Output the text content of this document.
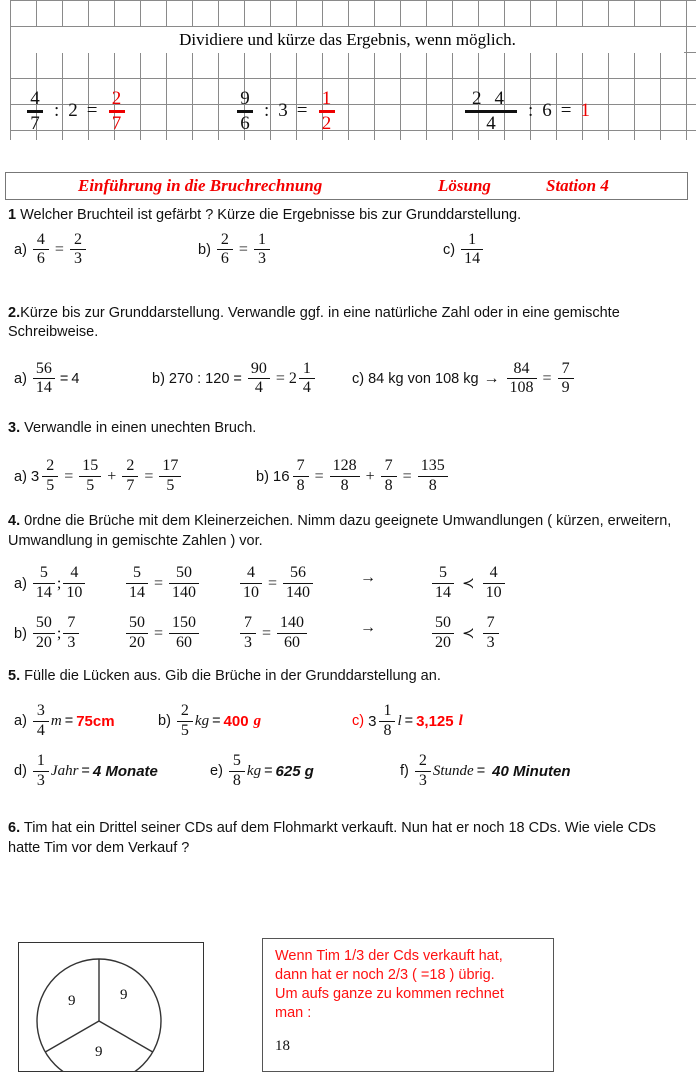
Dividiere und kürze das Ergebnis, wenn möglich.
$\frac{4}{7}$ : $2 = \frac{2}{7}$	$\frac{9}{6}$ : $3 = \frac{1}{2}$	$\frac{24}{4}$ : 6 = 1
Einführung in die Bruchrechnung	Lösung	Station 4
1 Welcher Bruchteil ist gefärbt ? Kürze die Ergebnisse bis zur Grunddarstellung.
$a) \frac{4}{6} = \frac{2}{3}$	$b) \frac{2}{6} = \frac{1}{3}$	$c) \frac{1}{14}$
2.Kürze bis zur Grunddarstellung. Verwandle ggf. in eine natürliche Zahl oder in eine gemischte Schreibweise.
$a) \frac{56}{14} = 4$	b) 270 : $120 = \frac{90}{4} = 2 \frac{1}{4}$	c) 84 kg von 108 kg → $\frac{84}{108} = \frac{7}{9}$
3. Verwandle in einen unechten Bruch.
a) $3 \frac{2}{5} = \frac{15}{5} + \frac{2}{7} = \frac{17}{5}$	b) $16 \frac{7}{8} = \frac{128}{8} + \frac{7}{8} = \frac{135}{8}$
4. 0rdne die Brüche mit dem Kleinerzeichen. Nimm dazu geeignete Umwandlungen ( kürzen, erweitern, Umwandlung in gemischte Zahlen ) vor.
$a) \frac{5}{14}$ ; $\frac{4}{10}$	$\frac{5}{14} = \frac{50}{140}$	$\frac{4}{10} = \frac{56}{140}$	→	$\frac{5}{14}$ ≺ $\frac{4}{10}$
$b) \frac{50}{20}$ ; $\frac{7}{3}$	$\frac{50}{20} = \frac{150}{60}$	$\frac{7}{3} = \frac{140}{60}$	→	$\frac{50}{20}$ ≺ $\frac{7}{3}$
5. Fülle die Lücken aus. Gib die Brüche in der Grunddarstellung an.
$a) \frac{3}{4}$ m = 75cm	$b) \frac{2}{5}$ kg = 400 g	c) $3 \frac{1}{8}$ l = 3,125 l
$d) \frac{1}{3}$ Jahr = 4 Monate	$e) \frac{5}{8}$ kg = 625 g	$f) \frac{2}{3}$ Stunde = 40 Minuten
6. Tim hat ein Drittel seiner CDs auf dem Flohmarkt verkauft. Nun hat er noch 18 CDs. Wie viele CDs hatte Tim vor dem Verkauf ?
9	9
9

Wenn Tim 1/3 der Cds verkauft hat,

dann hat er noch 2/3 ( =18 ) übrig.

Um aufs ganze zu kommen rechnet

man :

18
